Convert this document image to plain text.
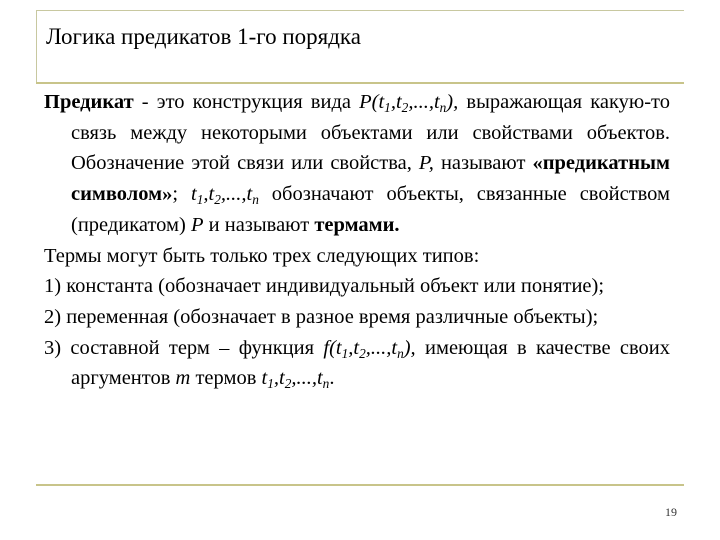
Логика предикатов 1-го порядка

Предикат - это конструкция вида $P(t_1,t_2,...,t_n)$, выражающая какую-то связь между некоторыми объектами или свойствами объектов. Обозначение этой связи или свойства, P, называют «предикатным символом»; $t_1,t_2,...,t_n$ обозначают объекты, связанные свойством (предикатом) P и называют термами.

Термы могут быть только трех следующих типов:

1) константа (обозначает индивидуальный объект или понятие);

2) переменная (обозначает в разное время различные объекты);

3) составной терм – функция $f(t_1,t_2,...,t_n)$, имеющая в качестве своих аргументов m термов $t_1,t_2,...,t_n$.

19
